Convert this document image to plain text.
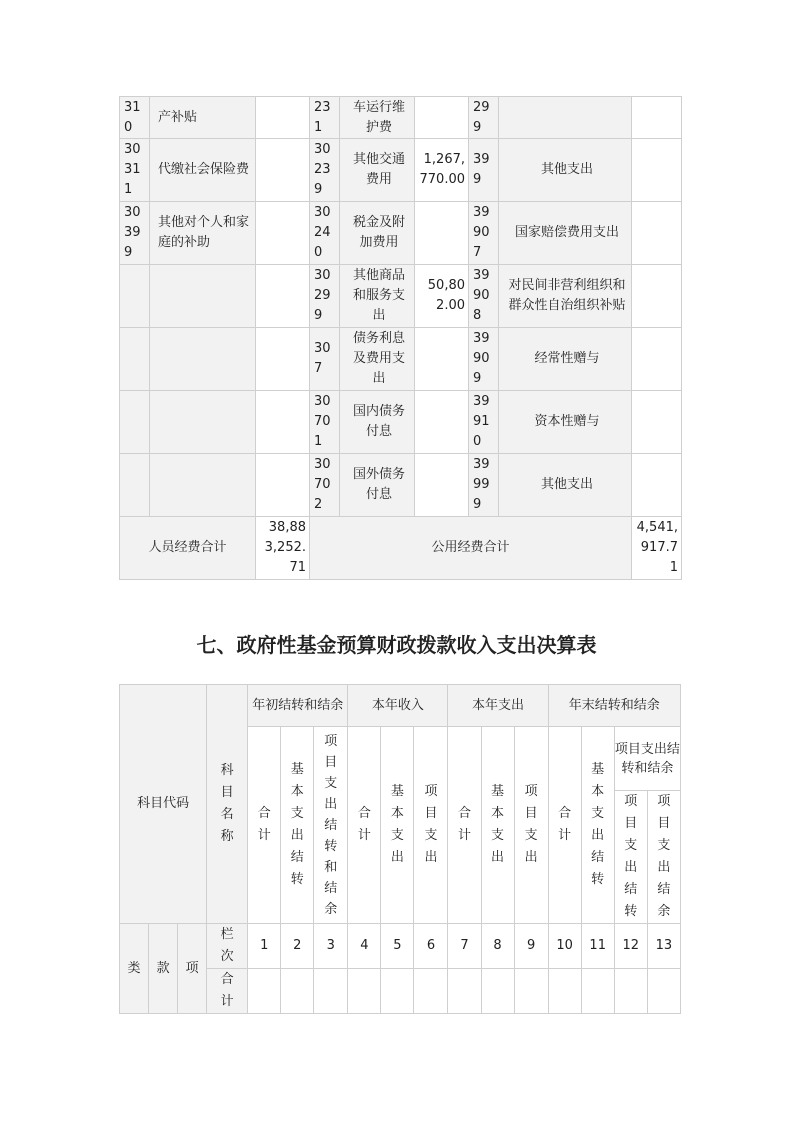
310	产补贴		231	车运行维护费		299		
30311	代缴社会保险费		30239	其他交通费用	1,267,770.00	399	其他支出	
30399	其他对个人和家庭的补助		30240	税金及附加费用		39907	国家赔偿费用支出	
			30299	其他商品和服务支出	50,802.00	39908	对民间非营利组织和群众性自治组织补贴	
			307	债务利息及费用支出		39909	经常性赠与	
			30701	国内债务付息		39910	资本性赠与	
			30702	国外债务付息		39999	其他支出	
人员经费合计		38,883,252.71	公用经费合计					4,541,917.71
七、政府性基金预算财政拨款收入支出决算表
科目代码			科目名称	年初结转和结余			本年收入			本年支出			年末结转和结余			
				合计	基本支出结转	项目支出结转和结余	合计	基本支出	项目支出	合计	基本支出	项目支出	合计	基本支出结转	项目支出结转和结余	
															项目支出结转	项目支出结余
类	款	项	栏次	1	2	3	4	5	6	7	8	9	10	11	12	13
			合计													
